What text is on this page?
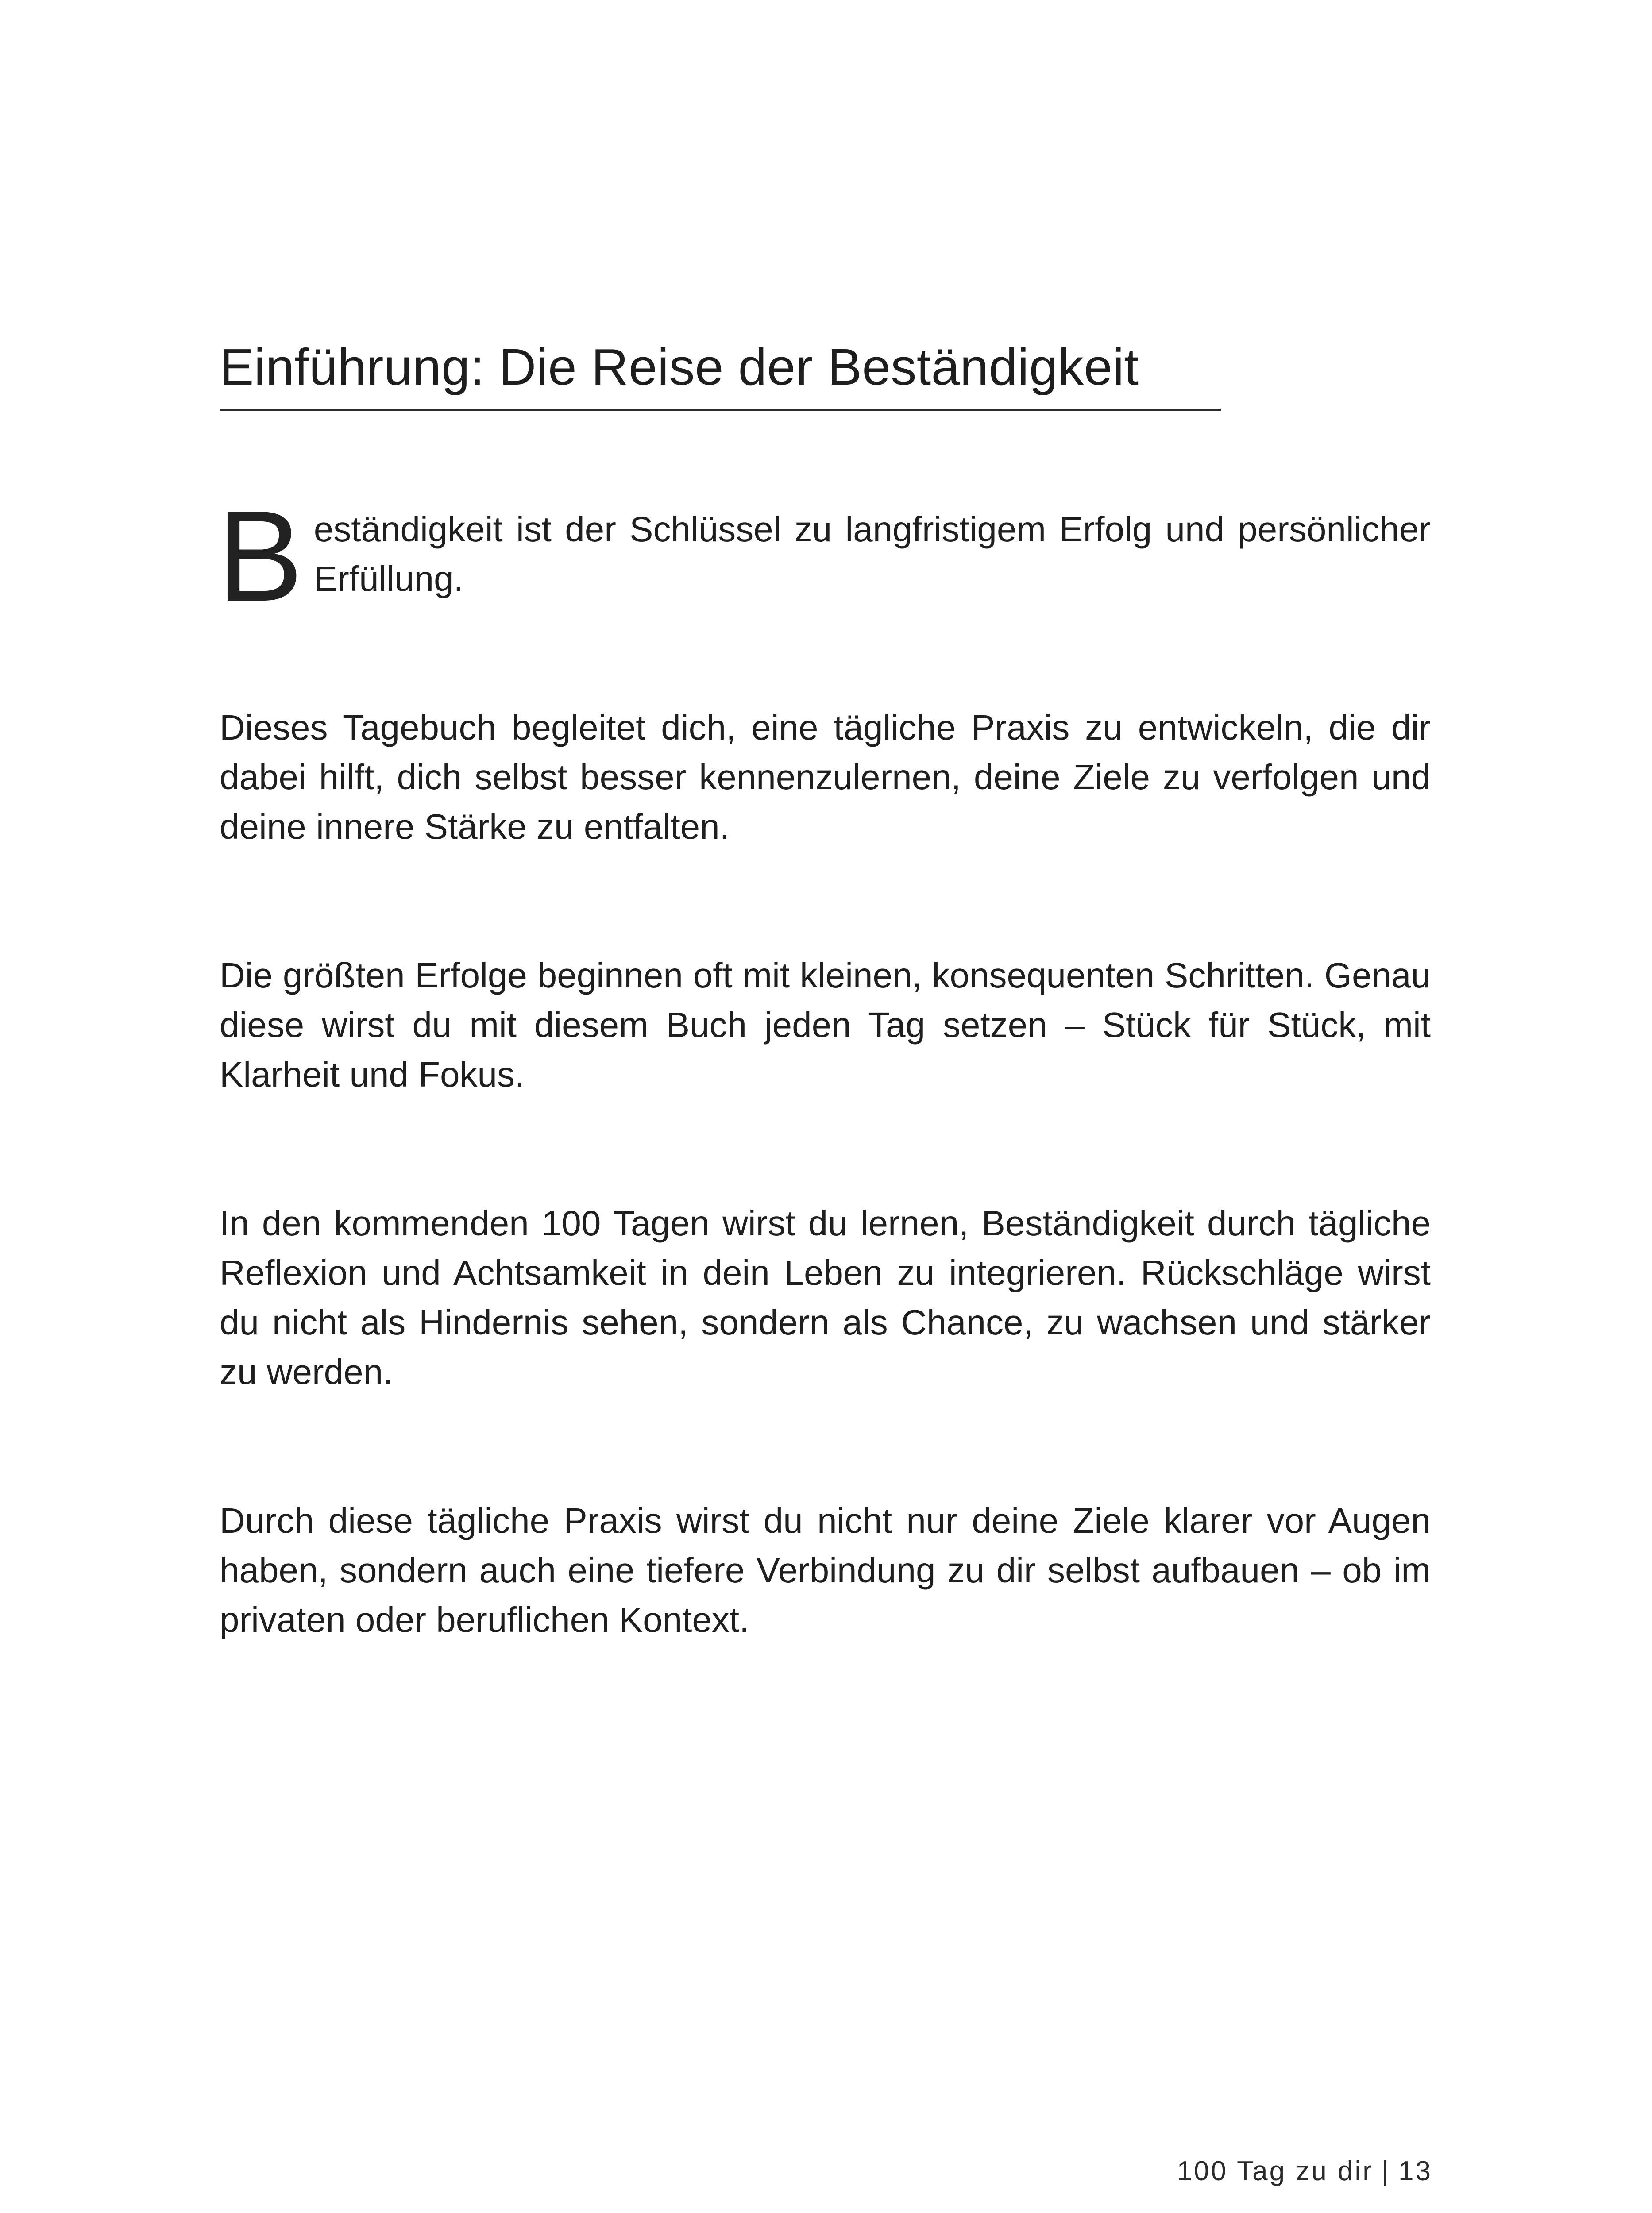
Einführung: Die Reise der Beständigkeit

Beständigkeit ist der Schlüssel zu langfristigem Erfolg und persönlicher Erfüllung.

Dieses Tagebuch begleitet dich, eine tägliche Praxis zu entwickeln, die dir dabei hilft, dich selbst besser kennenzulernen, deine Ziele zu verfolgen und deine innere Stärke zu entfalten.

Die größten Erfolge beginnen oft mit kleinen, konsequenten Schritten. Genau diese wirst du mit diesem Buch jeden Tag setzen – Stück für Stück, mit Klarheit und Fokus.

In den kommenden 100 Tagen wirst du lernen, Beständigkeit durch tägliche Reflexion und Achtsamkeit in dein Leben zu integrieren. Rückschläge wirst du nicht als Hindernis sehen, sondern als Chance, zu wachsen und stärker zu werden.

Durch diese tägliche Praxis wirst du nicht nur deine Ziele klarer vor Augen haben, sondern auch eine tiefere Verbindung zu dir selbst aufbauen – ob im privaten oder beruflichen Kontext.

100 Tag zu dir | 13
